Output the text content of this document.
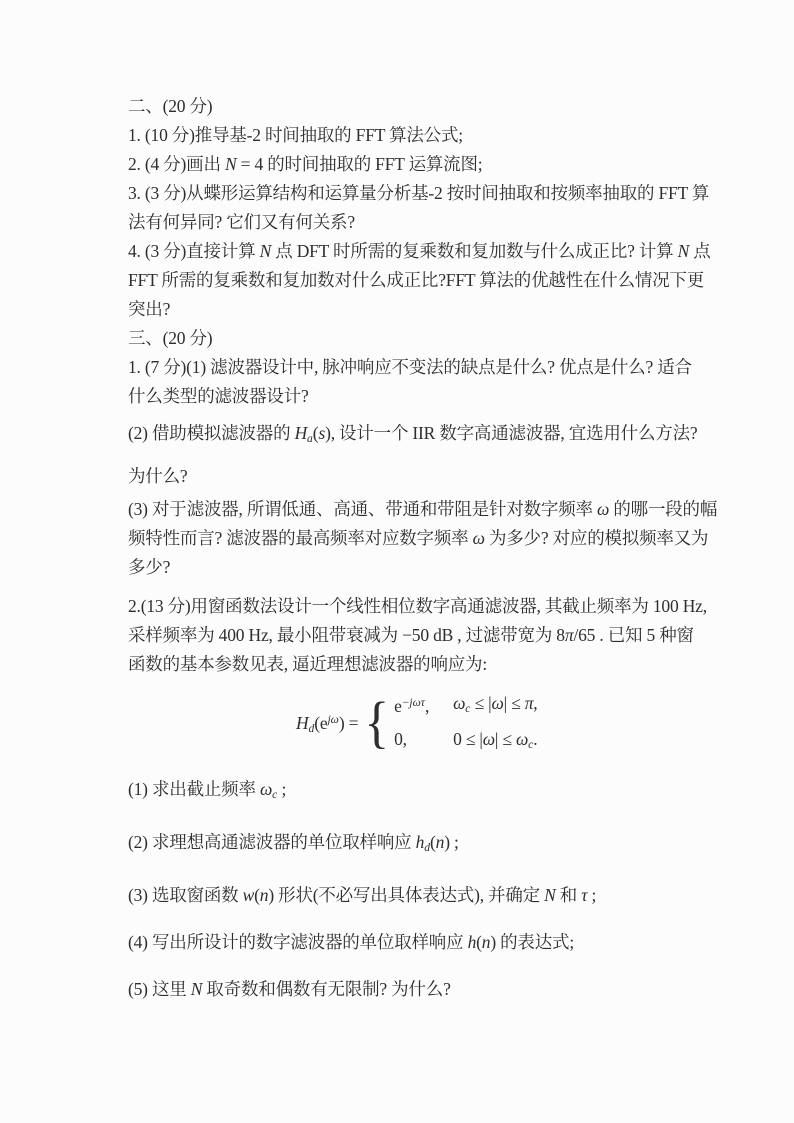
二、(20 分)
1. (10 分)推导基-2 时间抽取的 FFT 算法公式;
2. (4 分)画出 N = 4 的时间抽取的 FFT 运算流图;
3. (3 分)从蝶形运算结构和运算量分析基-2 按时间抽取和按频率抽取的 FFT 算
法有何异同? 它们又有何关系?
4. (3 分)直接计算 N 点 DFT 时所需的复乘数和复加数与什么成正比? 计算 N 点
FFT 所需的复乘数和复加数对什么成正比?FFT 算法的优越性在什么情况下更
突出?
三、(20 分)
1. (7 分)(1) 滤波器设计中, 脉冲响应不变法的缺点是什么? 优点是什么? 适合
什么类型的滤波器设计?
(2) 借助模拟滤波器的 Ha(s), 设计一个 IIR 数字高通滤波器, 宜选用什么方法?
为什么?
(3) 对于滤波器, 所谓低通、高通、带通和带阻是针对数字频率 ω 的哪一段的幅
频特性而言? 滤波器的最高频率对应数字频率 ω 为多少? 对应的模拟频率又为
多少?
2.(13 分)用窗函数法设计一个线性相位数字高通滤波器, 其截止频率为 100 Hz,
采样频率为 400 Hz, 最小阻带衰减为 −50 dB , 过滤带宽为 8π/65 . 已知 5 种窗
函数的基本参数见表, 逼近理想滤波器的响应为:
$Hd(e^{j\omega})$ = { $e^{-j\omega\tau}$, ωc ≤ |ω| ≤ π,
0,	0 ≤ |ω| ≤ ωc.
(1) 求出截止频率 ωc ;
(2) 求理想高通滤波器的单位取样响应 hd(n) ;
(3) 选取窗函数 w(n) 形状(不必写出具体表达式), 并确定 N 和 τ ;
(4) 写出所设计的数字滤波器的单位取样响应 h(n) 的表达式;
(5) 这里 N 取奇数和偶数有无限制? 为什么?
